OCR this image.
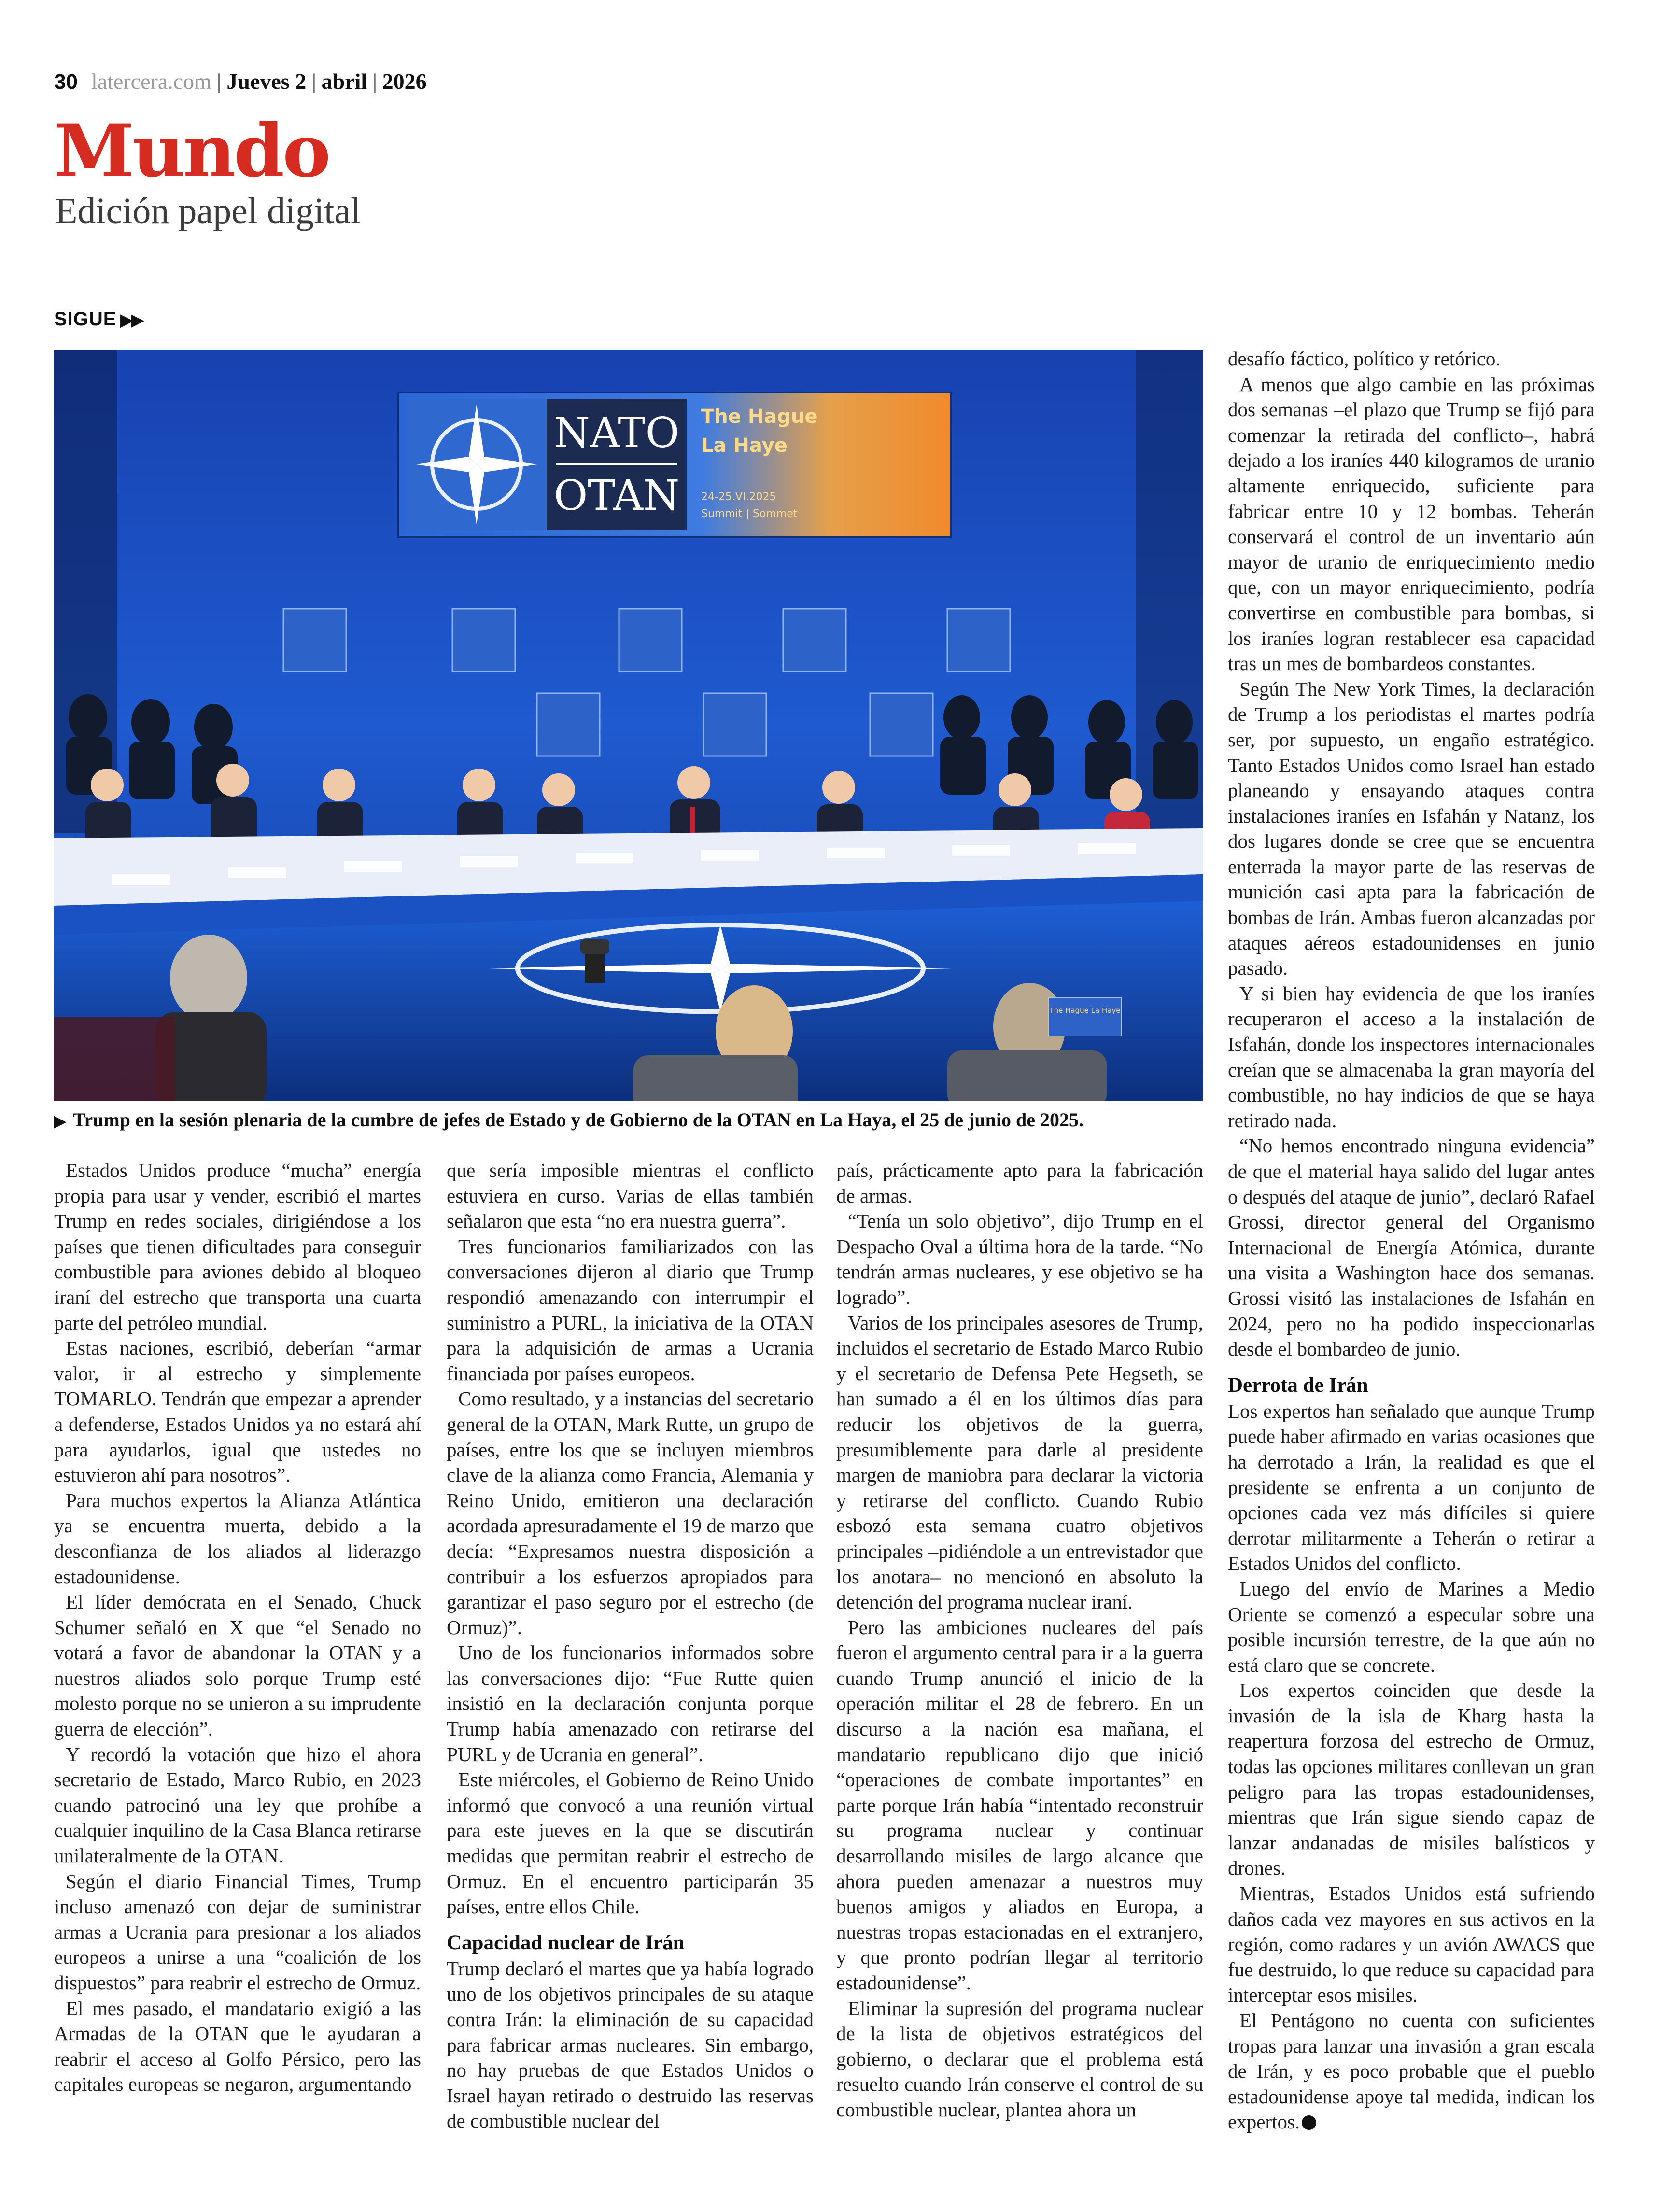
30 latercera.com | Jueves 2 | abril | 2026
Mundo
Edición papel digital
SIGUE ▶▶
NATO
OTAN
The Hague
La Haye
24-25.VI.2025
Summit | Sommet
The Hague La Haye
▶ Trump en la sesión plenaria de la cumbre de jefes de Estado y de Gobierno de la OTAN en La Haya, el 25 de junio de 2025.

Estados Unidos produce “mucha” energía propia para usar y vender, escribió el martes Trump en redes sociales, dirigiéndose a los países que tienen dificultades para conseguir combustible para aviones debido al bloqueo iraní del estrecho que transporta una cuarta parte del petróleo mundial.

Estas naciones, escribió, deberían “armar valor, ir al estrecho y simplemente TOMARLO. Tendrán que empezar a aprender a defenderse, Estados Unidos ya no estará ahí para ayudarlos, igual que ustedes no estuvieron ahí para nosotros”.

Para muchos expertos la Alianza Atlántica ya se encuentra muerta, debido a la desconfianza de los aliados al liderazgo estadounidense.

El líder demócrata en el Senado, Chuck Schumer señaló en X que “el Senado no votará a favor de abandonar la OTAN y a nuestros aliados solo porque Trump esté molesto porque no se unieron a su imprudente guerra de elección”.

Y recordó la votación que hizo el ahora secretario de Estado, Marco Rubio, en 2023 cuando patrocinó una ley que prohíbe a cualquier inquilino de la Casa Blanca retirarse unilateralmente de la OTAN.

Según el diario Financial Times, Trump incluso amenazó con dejar de suministrar armas a Ucrania para presionar a los aliados europeos a unirse a una “coalición de los dispuestos” para reabrir el estrecho de Ormuz.

El mes pasado, el mandatario exigió a las Armadas de la OTAN que le ayudaran a reabrir el acceso al Golfo Pérsico, pero las capitales europeas se negaron, argumentando

que sería imposible mientras el conflicto estuviera en curso. Varias de ellas también señalaron que esta “no era nuestra guerra”.

Tres funcionarios familiarizados con las conversaciones dijeron al diario que Trump respondió amenazando con interrumpir el suministro a PURL, la iniciativa de la OTAN para la adquisición de armas a Ucrania financiada por países europeos.

Como resultado, y a instancias del secretario general de la OTAN, Mark Rutte, un grupo de países, entre los que se incluyen miembros clave de la alianza como Francia, Alemania y Reino Unido, emitieron una declaración acordada apresuradamente el 19 de marzo que decía: “Expresamos nuestra disposición a contribuir a los esfuerzos apropiados para garantizar el paso seguro por el estrecho (de Ormuz)”.

Uno de los funcionarios informados sobre las conversaciones dijo: “Fue Rutte quien insistió en la declaración conjunta porque Trump había amenazado con retirarse del PURL y de Ucrania en general”.

Este miércoles, el Gobierno de Reino Unido informó que convocó a una reunión virtual para este jueves en la que se discutirán medidas que permitan reabrir el estrecho de Ormuz. En el encuentro participarán 35 países, entre ellos Chile.

Capacidad nuclear de Irán

Trump declaró el martes que ya había logrado uno de los objetivos principales de su ataque contra Irán: la eliminación de su capacidad para fabricar armas nucleares. Sin embargo, no hay pruebas de que Estados Unidos o Israel hayan retirado o destruido las reservas de combustible nuclear del

país, prácticamente apto para la fabricación de armas.

“Tenía un solo objetivo”, dijo Trump en el Despacho Oval a última hora de la tarde. “No tendrán armas nucleares, y ese objetivo se ha logrado”.

Varios de los principales asesores de Trump, incluidos el secretario de Estado Marco Rubio y el secretario de Defensa Pete Hegseth, se han sumado a él en los últimos días para reducir los objetivos de la guerra, presumiblemente para darle al presidente margen de maniobra para declarar la victoria y retirarse del conflicto. Cuando Rubio esbozó esta semana cuatro objetivos principales –pidiéndole a un entrevistador que los anotara– no mencionó en absoluto la detención del programa nuclear iraní.

Pero las ambiciones nucleares del país fueron el argumento central para ir a la guerra cuando Trump anunció el inicio de la operación militar el 28 de febrero. En un discurso a la nación esa mañana, el mandatario republicano dijo que inició “operaciones de combate importantes” en parte porque Irán había “intentado reconstruir su programa nuclear y continuar desarrollando misiles de largo alcance que ahora pueden amenazar a nuestros muy buenos amigos y aliados en Europa, a nuestras tropas estacionadas en el extranjero, y que pronto podrían llegar al territorio estadounidense”.

Eliminar la supresión del programa nuclear de la lista de objetivos estratégicos del gobierno, o declarar que el problema está resuelto cuando Irán conserve el control de su combustible nuclear, plantea ahora un

desafío fáctico, político y retórico.

A menos que algo cambie en las próximas dos semanas –el plazo que Trump se fijó para comenzar la retirada del conflicto–, habrá dejado a los iraníes 440 kilogramos de uranio altamente enriquecido, suficiente para fabricar entre 10 y 12 bombas. Teherán conservará el control de un inventario aún mayor de uranio de enriquecimiento medio que, con un mayor enriquecimiento, podría convertirse en combustible para bombas, si los iraníes logran restablecer esa capacidad tras un mes de bombardeos constantes.

Según The New York Times, la declaración de Trump a los periodistas el martes podría ser, por supuesto, un engaño estratégico. Tanto Estados Unidos como Israel han estado planeando y ensayando ataques contra instalaciones iraníes en Isfahán y Natanz, los dos lugares donde se cree que se encuentra enterrada la mayor parte de las reservas de munición casi apta para la fabricación de bombas de Irán. Ambas fueron alcanzadas por ataques aéreos estadounidenses en junio pasado.

Y si bien hay evidencia de que los iraníes recuperaron el acceso a la instalación de Isfahán, donde los inspectores internacionales creían que se almacenaba la gran mayoría del combustible, no hay indicios de que se haya retirado nada.

“No hemos encontrado ninguna evidencia” de que el material haya salido del lugar antes o después del ataque de junio”, declaró Rafael Grossi, director general del Organismo Internacional de Energía Atómica, durante una visita a Washington hace dos semanas. Grossi visitó las instalaciones de Isfahán en 2024, pero no ha podido inspeccionarlas desde el bombardeo de junio.

Derrota de Irán

Los expertos han señalado que aunque Trump puede haber afirmado en varias ocasiones que ha derrotado a Irán, la realidad es que el presidente se enfrenta a un conjunto de opciones cada vez más difíciles si quiere derrotar militarmente a Teherán o retirar a Estados Unidos del conflicto.

Luego del envío de Marines a Medio Oriente se comenzó a especular sobre una posible incursión terrestre, de la que aún no está claro que se concrete.

Los expertos coinciden que desde la invasión de la isla de Kharg hasta la reapertura forzosa del estrecho de Ormuz, todas las opciones militares conllevan un gran peligro para las tropas estadounidenses, mientras que Irán sigue siendo capaz de lanzar andanadas de misiles balísticos y drones.

Mientras, Estados Unidos está sufriendo daños cada vez mayores en sus activos en la región, como radares y un avión AWACS que fue destruido, lo que reduce su capacidad para interceptar esos misiles.

El Pentágono no cuenta con suficientes tropas para lanzar una invasión a gran escala de Irán, y es poco probable que el pueblo estadounidense apoye tal medida, indican los expertos.
